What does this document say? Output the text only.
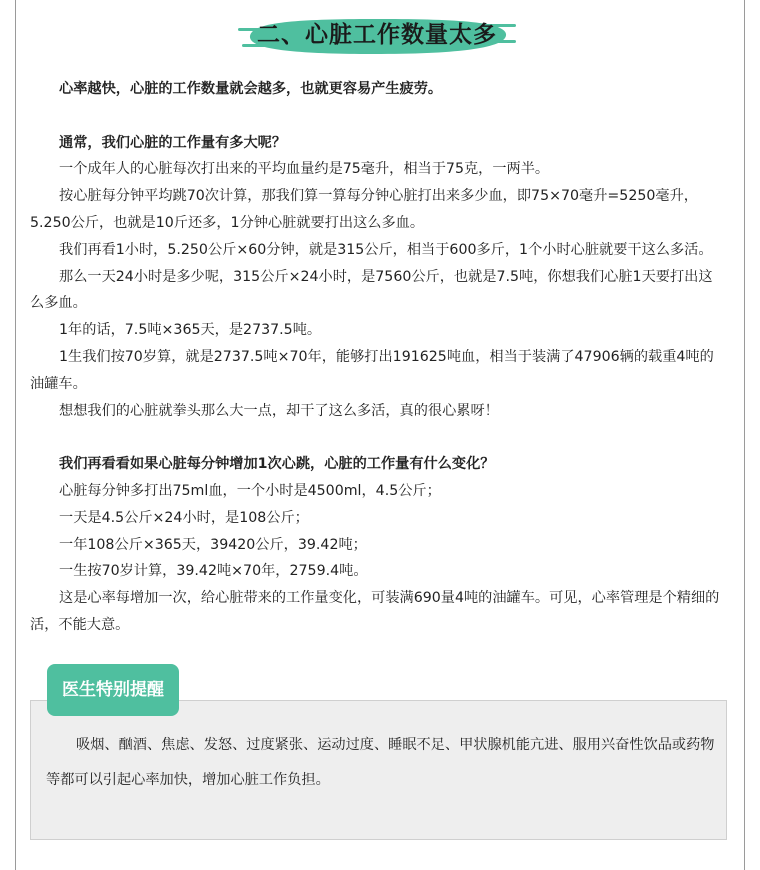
二、心脏工作数量太多

心率越快，心脏的工作数量就会越多，也就更容易产生疲劳。

通常，我们心脏的工作量有多大呢？

一个成年人的心脏每次打出来的平均血量约是75毫升，相当于75克，一两半。

按心脏每分钟平均跳70次计算，那我们算一算每分钟心脏打出来多少血，即75×70毫升=5250毫升，5.250公斤，也就是10斤还多，1分钟心脏就要打出这么多血。

我们再看1小时，5.250公斤×60分钟，就是315公斤，相当于600多斤，1个小时心脏就要干这么多活。

那么一天24小时是多少呢，315公斤×24小时，是7560公斤，也就是7.5吨，你想我们心脏1天要打出这么多血。

1年的话，7.5吨×365天，是2737.5吨。

1生我们按70岁算，就是2737.5吨×70年，能够打出191625吨血，相当于装满了47906辆的载重4吨的油罐车。

想想我们的心脏就拳头那么大一点，却干了这么多活，真的很心累呀！

我们再看看如果心脏每分钟增加1次心跳，心脏的工作量有什么变化？

心脏每分钟多打出75ml血，一个小时是4500ml，4.5公斤；

一天是4.5公斤×24小时，是108公斤；

一年108公斤×365天，39420公斤，39.42吨；

一生按70岁计算，39.42吨×70年，2759.4吨。

这是心率每增加一次，给心脏带来的工作量变化，可装满690量4吨的油罐车。可见，心率管理是个精细的活，不能大意。

医生特别提醒

吸烟、酗酒、焦虑、发怒、过度紧张、运动过度、睡眠不足、甲状腺机能亢进、服用兴奋性饮品或药物等都可以引起心率加快，增加心脏工作负担。
